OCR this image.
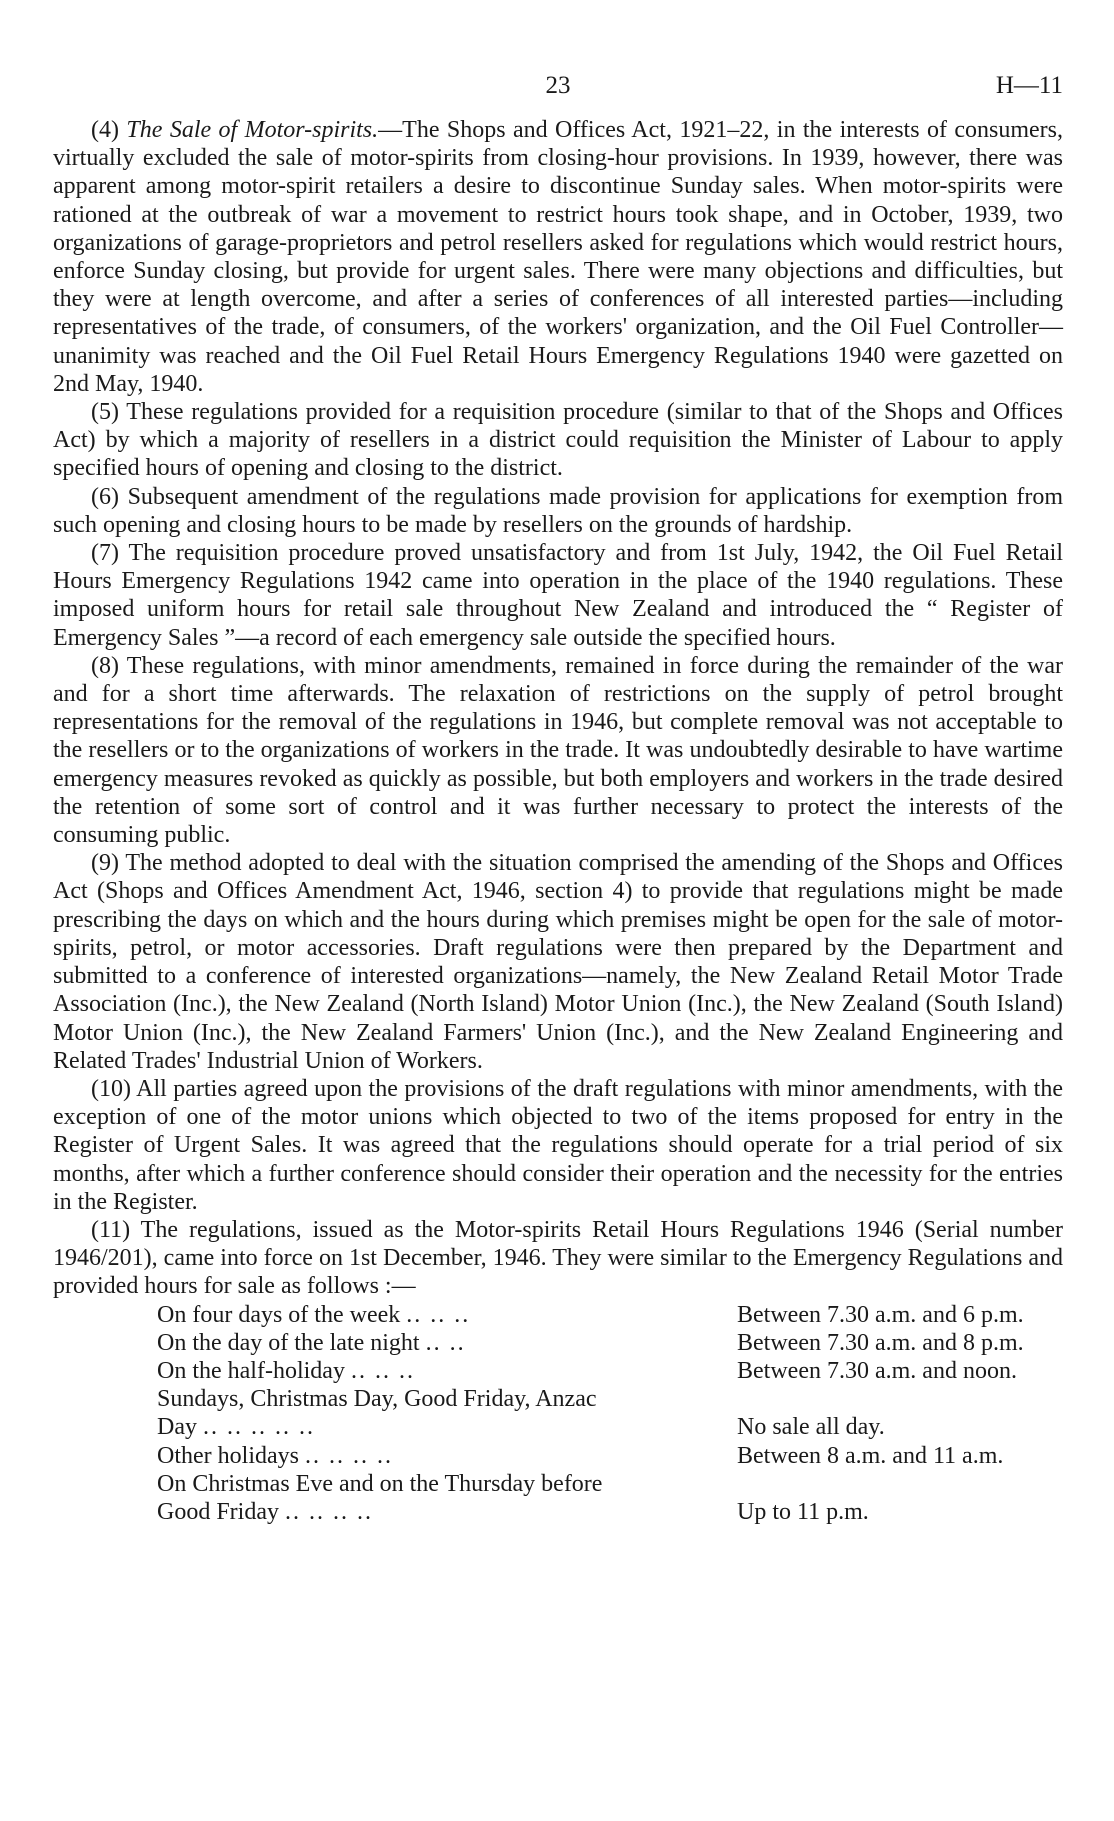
23	H—11

(4) The Sale of Motor-spirits.—The Shops and Offices Act, 1921–22, in the interests of consumers, virtually excluded the sale of motor-spirits from closing-hour provisions. In 1939, however, there was apparent among motor-spirit retailers a desire to discontinue Sunday sales. When motor-spirits were rationed at the outbreak of war a movement to restrict hours took shape, and in October, 1939, two organizations of garage-proprietors and petrol resellers asked for regulations which would restrict hours, enforce Sunday closing, but provide for urgent sales. There were many objections and difficulties, but they were at length overcome, and after a series of conferences of all interested parties—including representatives of the trade, of consumers, of the workers' organization, and the Oil Fuel Controller—unanimity was reached and the Oil Fuel Retail Hours Emergency Regulations 1940 were gazetted on 2nd May, 1940.

(5) These regulations provided for a requisition procedure (similar to that of the Shops and Offices Act) by which a majority of resellers in a district could requisition the Minister of Labour to apply specified hours of opening and closing to the district.

(6) Subsequent amendment of the regulations made provision for applications for exemption from such opening and closing hours to be made by resellers on the grounds of hardship.

(7) The requisition procedure proved unsatisfactory and from 1st July, 1942, the Oil Fuel Retail Hours Emergency Regulations 1942 came into operation in the place of the 1940 regulations. These imposed uniform hours for retail sale throughout New Zealand and introduced the “ Register of Emergency Sales ”—a record of each emergency sale outside the specified hours.

(8) These regulations, with minor amendments, remained in force during the remainder of the war and for a short time afterwards. The relaxation of restrictions on the supply of petrol brought representations for the removal of the regulations in 1946, but complete removal was not acceptable to the resellers or to the organizations of workers in the trade. It was undoubtedly desirable to have wartime emergency measures revoked as quickly as possible, but both employers and workers in the trade desired the retention of some sort of control and it was further necessary to protect the interests of the consuming public.

(9) The method adopted to deal with the situation comprised the amending of the Shops and Offices Act (Shops and Offices Amendment Act, 1946, section 4) to provide that regulations might be made prescribing the days on which and the hours during which premises might be open for the sale of motor-spirits, petrol, or motor accessories. Draft regulations were then prepared by the Department and submitted to a conference of interested organizations—namely, the New Zealand Retail Motor Trade Association (Inc.), the New Zealand (North Island) Motor Union (Inc.), the New Zealand (South Island) Motor Union (Inc.), the New Zealand Farmers' Union (Inc.), and the New Zealand Engineering and Related Trades' Industrial Union of Workers.

(10) All parties agreed upon the provisions of the draft regulations with minor amendments, with the exception of one of the motor unions which objected to two of the items proposed for entry in the Register of Urgent Sales. It was agreed that the regulations should operate for a trial period of six months, after which a further conference should consider their operation and the necessity for the entries in the Register.

(11) The regulations, issued as the Motor-spirits Retail Hours Regulations 1946 (Serial number 1946/201), came into force on 1st December, 1946. They were similar to the Emergency Regulations and provided hours for sale as follows :—

On four days of the week .. .. ..	Between 7.30 a.m. and 6 p.m.
On the day of the late night .. ..	Between 7.30 a.m. and 8 p.m.
On the half-holiday .. .. ..	Between 7.30 a.m. and noon.
Sundays, Christmas Day, Good Friday, Anzac	
Day .. .. .. .. ..	No sale all day.
Other holidays .. .. .. ..	Between 8 a.m. and 11 a.m.
On Christmas Eve and on the Thursday before	
Good Friday .. .. .. ..	Up to 11 p.m.
